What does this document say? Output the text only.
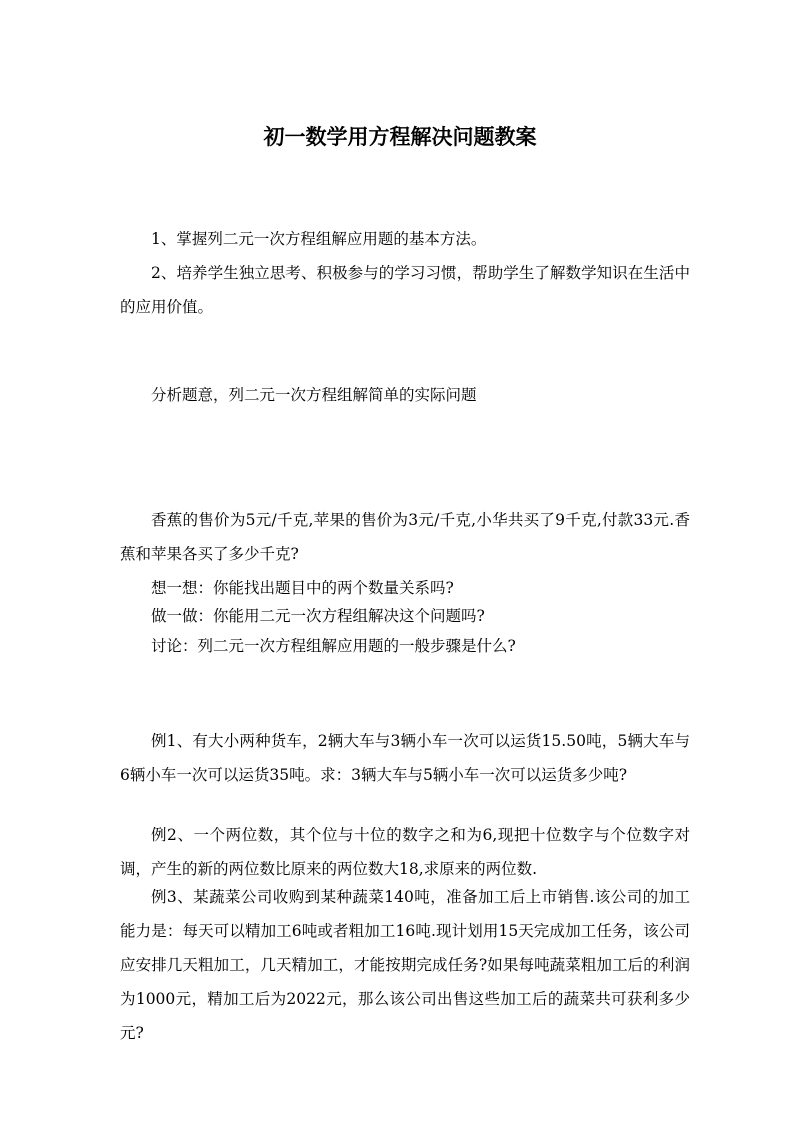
初一数学用方程解决问题教案

1、掌握列二元一次方程组解应用题的基本方法。

2、培养学生独立思考、积极参与的学习习惯，帮助学生了解数学知识在生活中的应用价值。

分析题意，列二元一次方程组解简单的实际问题

香蕉的售价为5元/千克,苹果的售价为3元/千克,小华共买了9千克,付款33元.香蕉和苹果各买了多少千克?

想一想：你能找出题目中的两个数量关系吗?

做一做：你能用二元一次方程组解决这个问题吗?

讨论：列二元一次方程组解应用题的一般步骤是什么?

例1、有大小两种货车，2辆大车与3辆小车一次可以运货15.50吨，5辆大车与6辆小车一次可以运货35吨。求：3辆大车与5辆小车一次可以运货多少吨?

例2、一个两位数，其个位与十位的数字之和为6,现把十位数字与个位数字对调，产生的新的两位数比原来的两位数大18,求原来的两位数.

例3、某蔬菜公司收购到某种蔬菜140吨，准备加工后上市销售.该公司的加工能力是：每天可以精加工6吨或者粗加工16吨.现计划用15天完成加工任务，该公司应安排几天粗加工，几天精加工，才能按期完成任务?如果每吨蔬菜粗加工后的利润为1000元，精加工后为2022元，那么该公司出售这些加工后的蔬菜共可获利多少元?
